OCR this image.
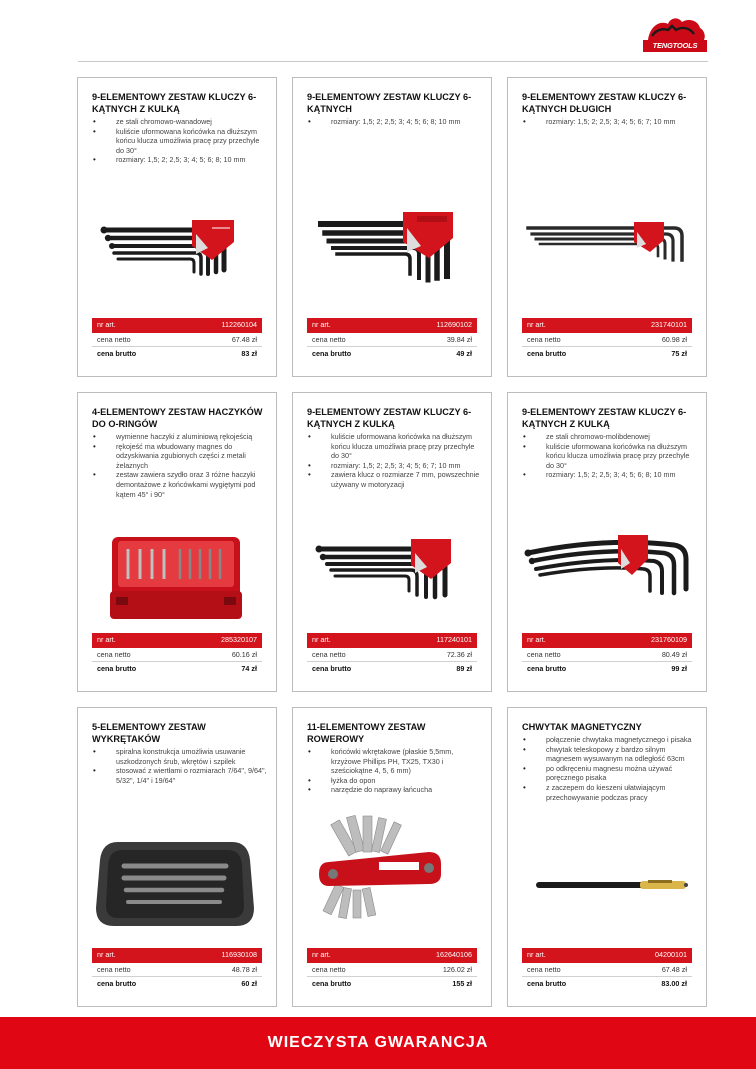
TENGTOOLS
9-ELEMENTOWY ZESTAW KLUCZY 6-KĄTNYCH Z KULKĄ
• ze stali chromowo-wanadowej
• kuliście uformowana końcówka na dłuższym końcu klucza umożliwia pracę przy przechyle do 30°
• rozmiary: 1,5; 2; 2,5; 3; 4; 5; 6; 8; 10 mm
nr art.	112260104
cena netto	67.48 zł
cena brutto	83 zł
9-ELEMENTOWY ZESTAW KLUCZY 6-KĄTNYCH
• rozmiary: 1,5; 2; 2,5; 3; 4; 5; 6; 8; 10 mm
nr art.	112690102
cena netto	39.84 zł
cena brutto	49 zł
9-ELEMENTOWY ZESTAW KLUCZY 6-KĄTNYCH DŁUGICH
• rozmiary: 1,5; 2; 2,5; 3; 4; 5; 6; 7; 10 mm
nr art.	231740101
cena netto	60.98 zł
cena brutto	75 zł
4-ELEMENTOWY ZESTAW HACZYKÓW DO O-RINGÓW
• wymienne haczyki z aluminiową rękojeścią
• rękojeść ma wbudowany magnes do odzyskiwania zgubionych części z metali żelaznych
• zestaw zawiera szydło oraz 3 różne haczyki demontażowe z końcówkami wygiętymi pod kątem 45° i 90°
nr art.	285320107
cena netto	60.16 zł
cena brutto	74 zł
9-ELEMENTOWY ZESTAW KLUCZY 6-KĄTNYCH Z KULKĄ
• kuliście uformowana końcówka na dłuższym końcu klucza umożliwia pracę przy przechyle do 30°
• rozmiary: 1,5; 2; 2,5; 3; 4; 5; 6; 7; 10 mm
• zawiera klucz o rozmiarze 7 mm, powszechnie używany w motoryzacji
nr art.	117240101
cena netto	72.36 zł
cena brutto	89 zł
9-ELEMENTOWY ZESTAW KLUCZY 6-KĄTNYCH Z KULKĄ
• ze stali chromowo-molibdenowej
• kuliście uformowana końcówka na dłuższym końcu klucza umożliwia pracę przy przechyle do 30°
• rozmiary: 1,5; 2; 2,5; 3; 4; 5; 6; 8; 10 mm
nr art.	231760109
cena netto	80.49 zł
cena brutto	99 zł
5-ELEMENTOWY ZESTAW WYKRĘTAKÓW
• spiralna konstrukcja umożliwia usuwanie uszkodzonych śrub, wkrętów i szpilek
• stosować z wiertłami o rozmiarach 7/64", 9/64", 5/32", 1/4" i 19/64"
nr art.	116930108
cena netto	48.78 zł
cena brutto	60 zł
11-ELEMENTOWY ZESTAW ROWEROWY
• końcówki wkrętakowe (płaskie 5,5mm, krzyżowe Phillips PH, TX25, TX30 i sześciokątne 4, 5, 6 mm)
• łyżka do opon
• narzędzie do naprawy łańcucha
nr art.	162640106
cena netto	126.02 zł
cena brutto	155 zł
CHWYTAK MAGNETYCZNY
• połączenie chwytaka magnetycznego i pisaka
• chwytak teleskopowy z bardzo silnym magnesem wysuwanym na odległość 63cm
• po odkręceniu magnesu można używać poręcznego pisaka
• z zaczepem do kieszeni ułatwiającym przechowywanie podczas pracy
nr art.	04200101
cena netto	67.48 zł
cena brutto	83.00 zł
WIECZYSTA GWARANCJA
